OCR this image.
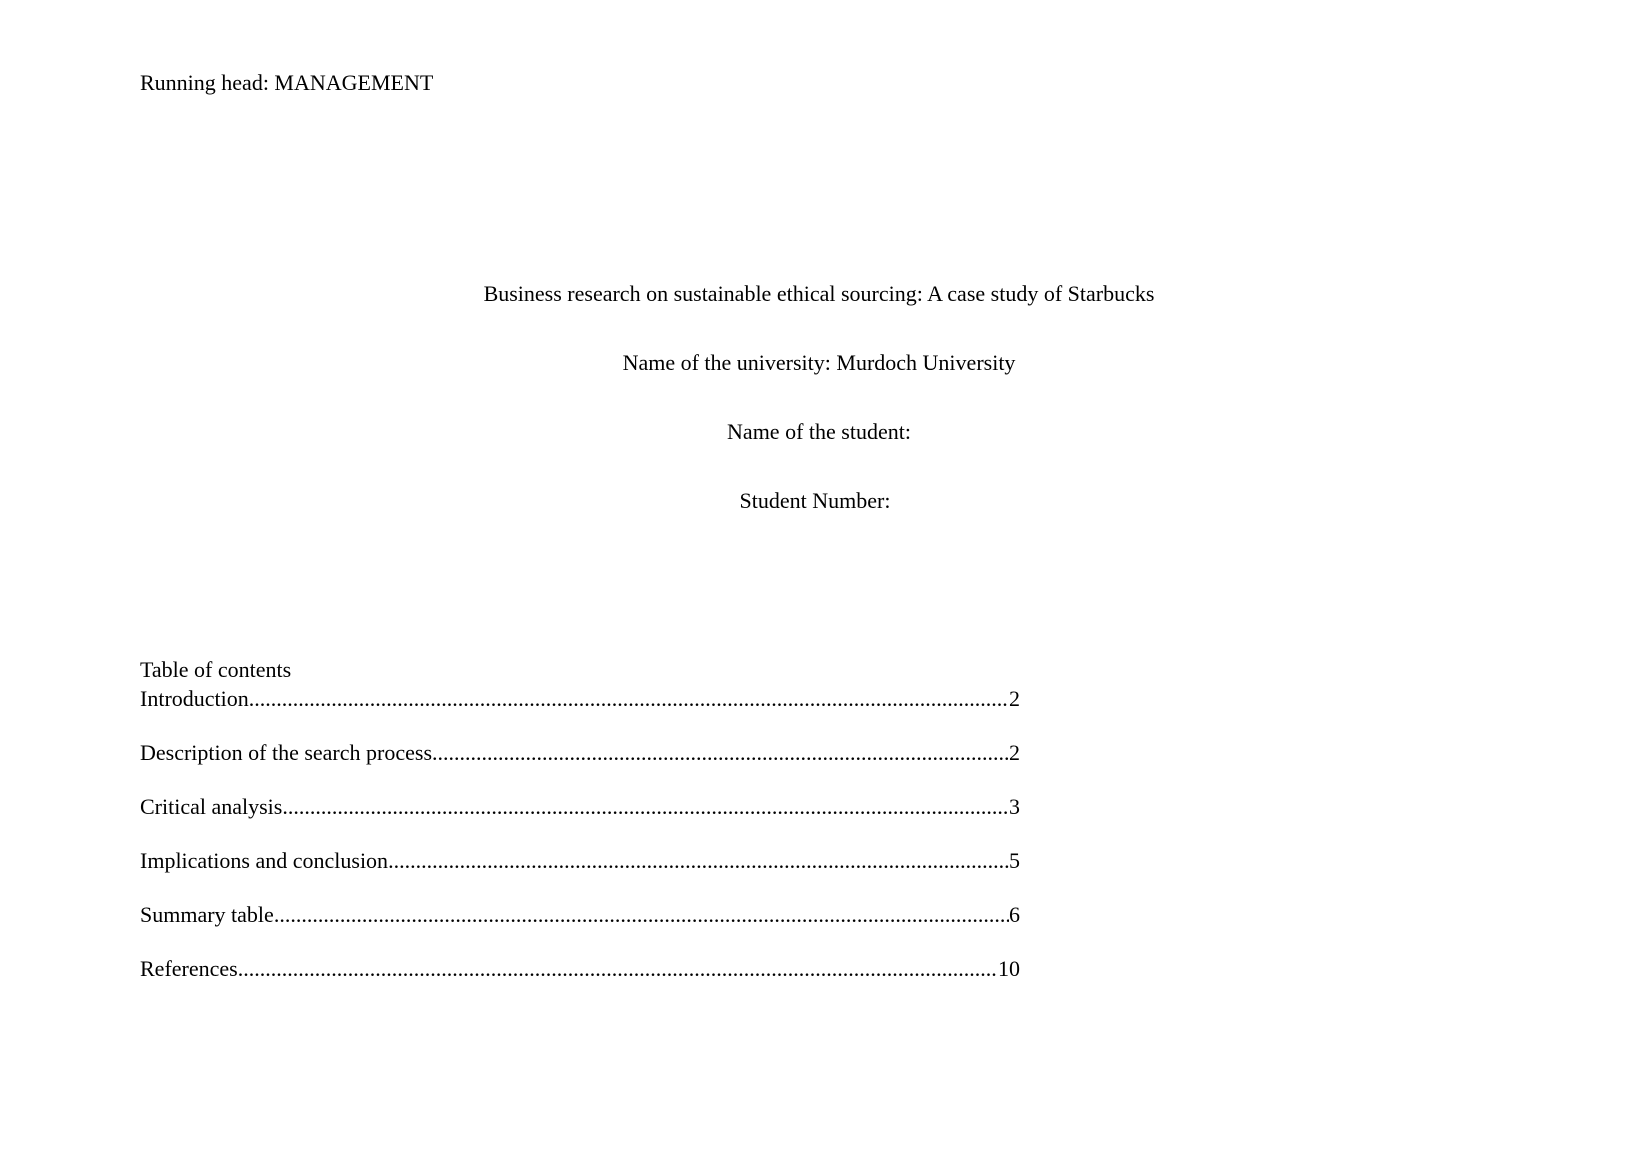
Running head: MANAGEMENT
Business research on sustainable ethical sourcing: A case study of Starbucks
Name of the university: Murdoch University
Name of the student:
Student Number:
Table of contents
Introduction .....	2
Description of the search process .....	2
Critical analysis .....	3
Implications and conclusion .....	5
Summary table .....	6
References .....	10
